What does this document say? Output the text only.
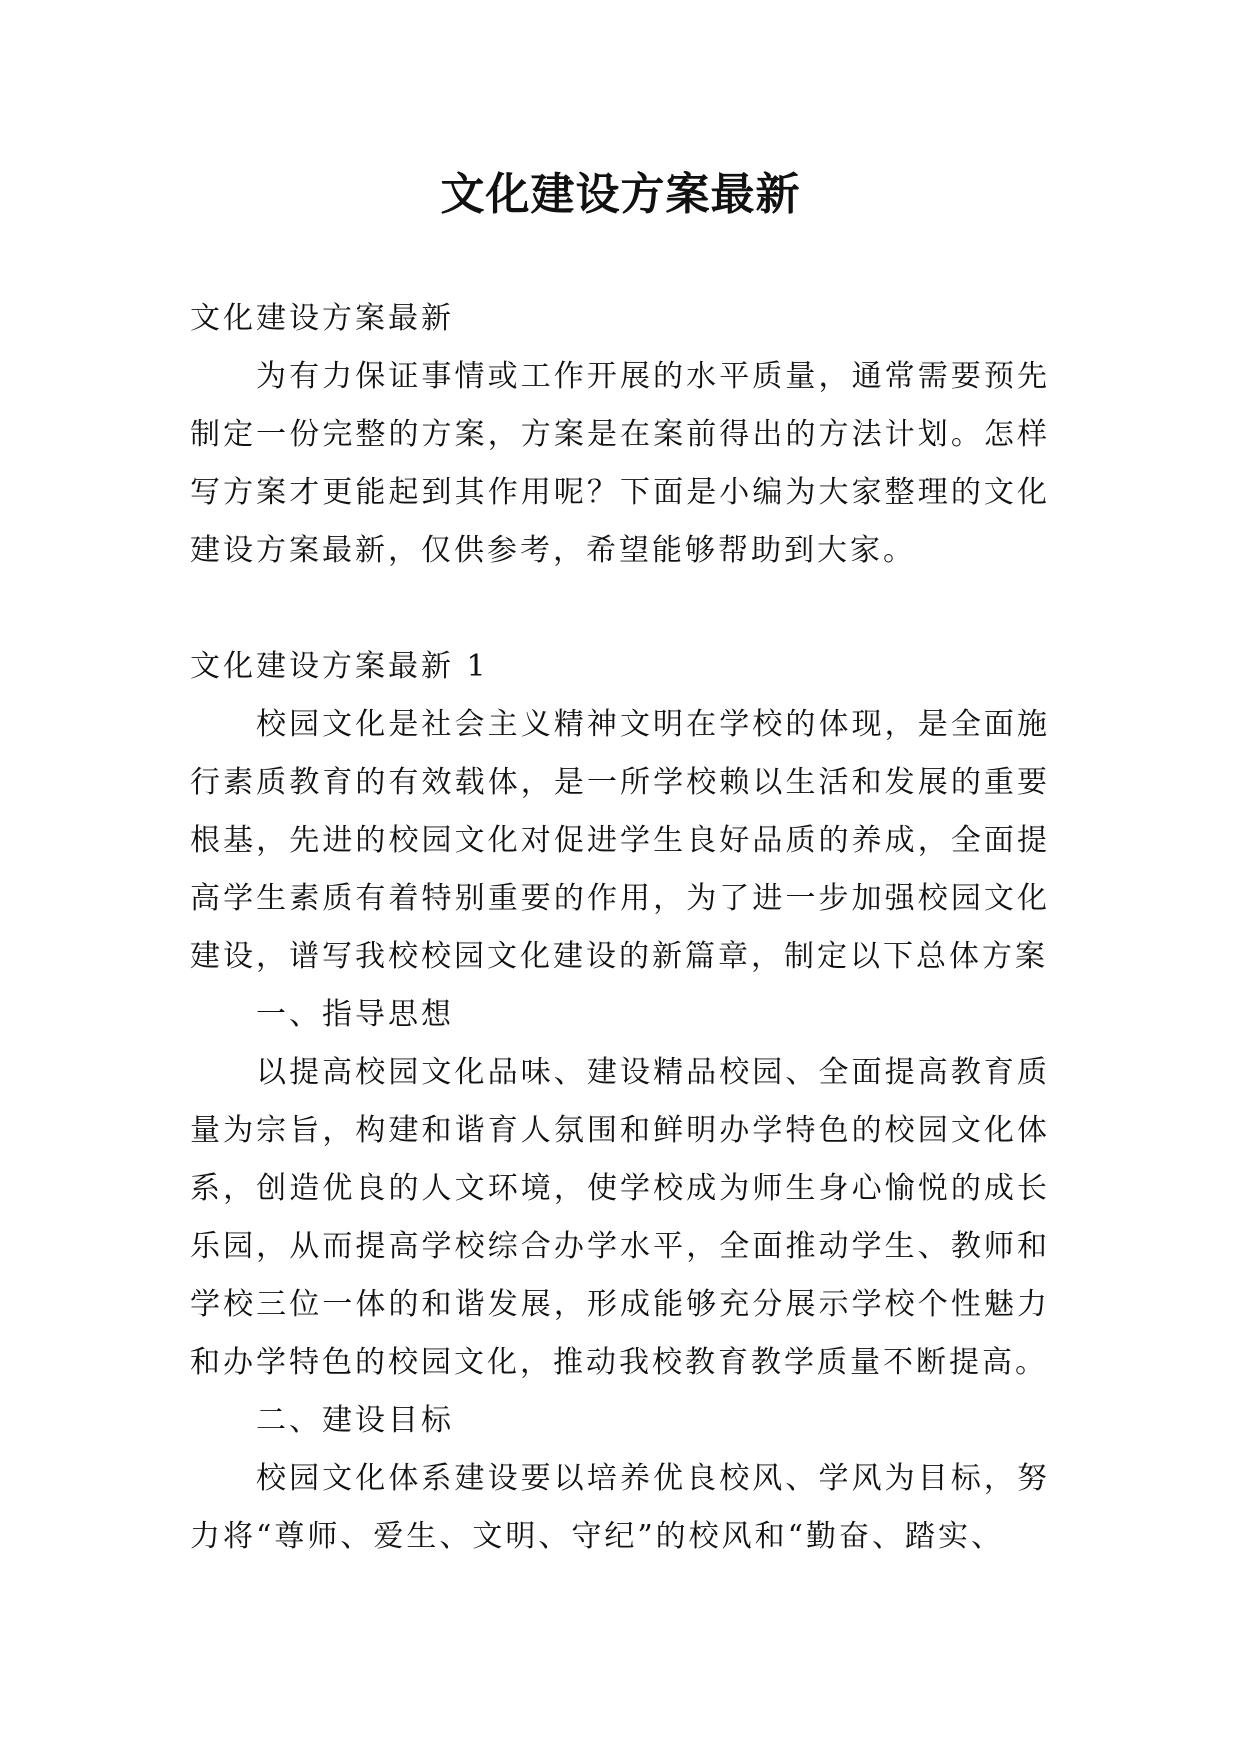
文化建设方案最新

文化建设方案最新

为有力保证事情或工作开展的水平质量，通常需要预先制定一份完整的方案，方案是在案前得出的方法计划。怎样写方案才更能起到其作用呢？下面是小编为大家整理的文化建设方案最新，仅供参考，希望能够帮助到大家。

文化建设方案最新 1

校园文化是社会主义精神文明在学校的体现，是全面施行素质教育的有效载体，是一所学校赖以生活和发展的重要根基，先进的校园文化对促进学生良好品质的养成，全面提高学生素质有着特别重要的作用，为了进一步加强校园文化建设，谱写我校校园文化建设的新篇章，制定以下总体方案

一、指导思想

以提高校园文化品味、建设精品校园、全面提高教育质量为宗旨，构建和谐育人氛围和鲜明办学特色的校园文化体系，创造优良的人文环境，使学校成为师生身心愉悦的成长乐园，从而提高学校综合办学水平，全面推动学生、教师和学校三位一体的和谐发展，形成能够充分展示学校个性魅力和办学特色的校园文化，推动我校教育教学质量不断提高。

二、建设目标

校园文化体系建设要以培养优良校风、学风为目标，努力将“尊师、爱生、文明、守纪”的校风和“勤奋、踏实、
